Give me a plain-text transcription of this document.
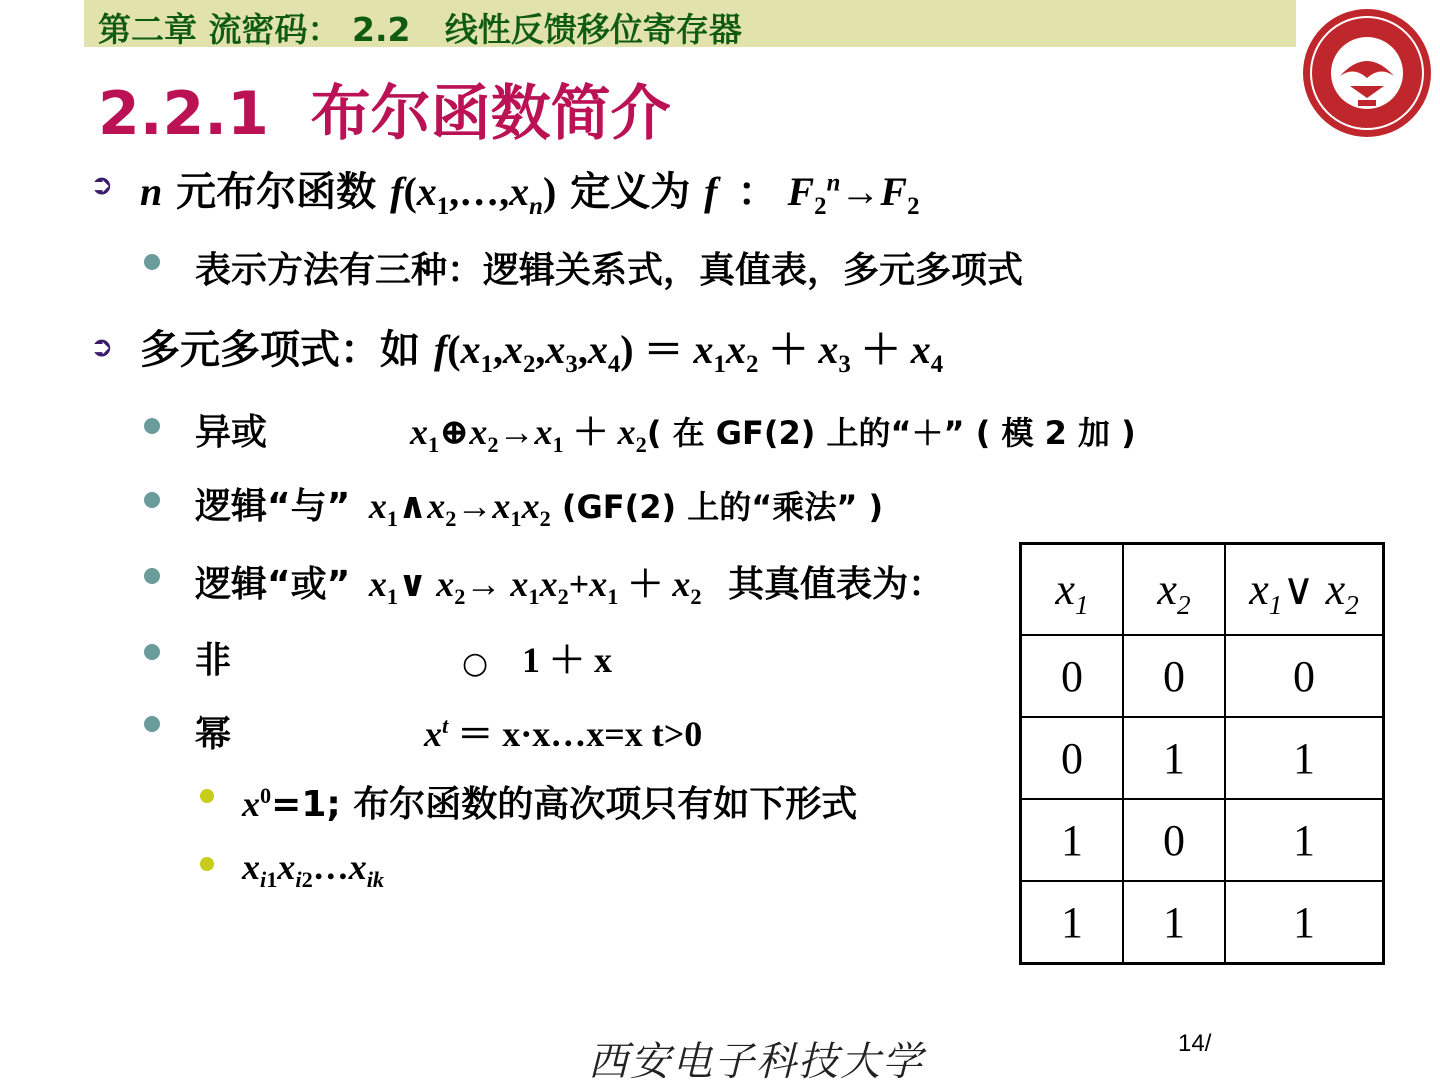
第二章 流密码： 2.2   线性反馈移位寄存器
2.2.1  布尔函数简介
➲ n 元布尔函数 $f(x_1,\dots,x_n)$ 定义为 f  ： $F_2^n\to F_2$
表示方法有三种：逻辑关系式，真值表，多元多项式
➲ 多元多项式：如 $f(x_1,x_2,x_3,x_4) = x_1x_2 + x_3 + x_4$
异或	$x_1\oplus x_2\to x_1 + x_2$( 在 GF(2) 上的“＋” ( 模 2 加 )
逻辑“与” $x_1\wedge x_2\to x_1x_2$ (GF(2) 上的“乘法” )
逻辑“或” $x_1\vee$ $x_2\to x_1x_2+x_1 + x_2$ 其真值表为：
非	○ 1 ＋ x
幂	$x^t$ ＝ x·x…x=x t>0
$x^0=1$; 布尔函数的高次项只有如下形式
$x_{i1}x_{i2}\dots x_{ik}$
$x_1$	$x_2$	$x_1\vee$ $x_2$
0	0	0
0	1	1
1	0	1
1	1	1
西安电子科技大学	14/
